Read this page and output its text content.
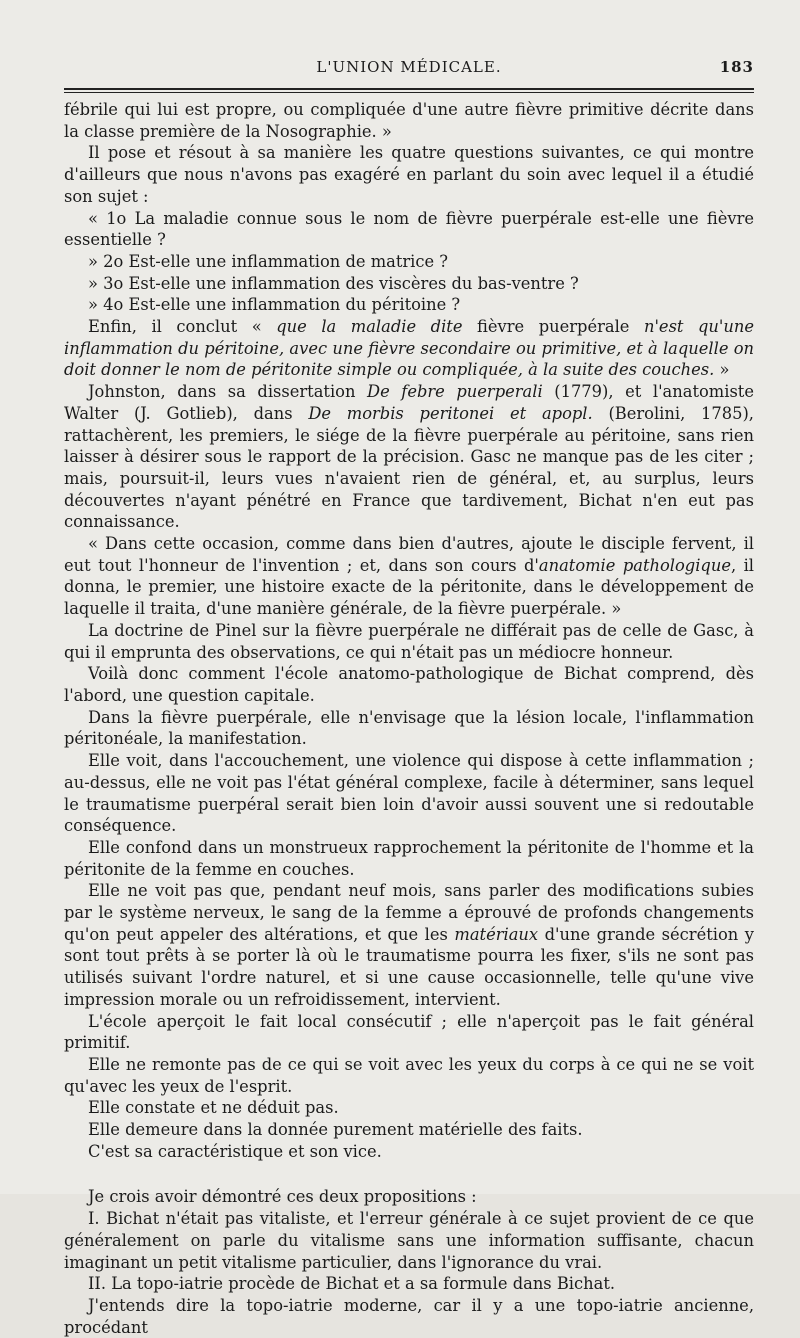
L'UNION MÉDICALE.	183

fébrile qui lui est propre, ou compliquée d'une autre fièvre primitive décrite dans la classe première de la Nosographie. »

Il pose et résout à sa manière les quatre questions suivantes, ce qui montre d'ailleurs que nous n'avons pas exagéré en parlant du soin avec lequel il a étudié son sujet :

« 1o La maladie connue sous le nom de fièvre puerpérale est-elle une fièvre essentielle ?

» 2o Est-elle une inflammation de matrice ?

» 3o Est-elle une inflammation des viscères du bas-ventre ?

» 4o Est-elle une inflammation du péritoine ?

Enfin, il conclut « que la maladie dite fièvre puerpérale n'est qu'une inflammation du péritoine, avec une fièvre secondaire ou primitive, et à laquelle on doit donner le nom de péritonite simple ou compliquée, à la suite des couches. »

Johnston, dans sa dissertation De febre puerperali (1779), et l'anatomiste Walter (J. Gotlieb), dans De morbis peritonei et apopl. (Berolini, 1785), rattachèrent, les premiers, le siége de la fièvre puerpérale au péritoine, sans rien laisser à désirer sous le rapport de la précision. Gasc ne manque pas de les citer ; mais, poursuit-il, leurs vues n'avaient rien de général, et, au surplus, leurs découvertes n'ayant pénétré en France que tardivement, Bichat n'en eut pas connaissance.

« Dans cette occasion, comme dans bien d'autres, ajoute le disciple fervent, il eut tout l'honneur de l'invention ; et, dans son cours d'anatomie pathologique, il donna, le premier, une histoire exacte de la péritonite, dans le développement de laquelle il traita, d'une manière générale, de la fièvre puerpérale. »

La doctrine de Pinel sur la fièvre puerpérale ne différait pas de celle de Gasc, à qui il emprunta des observations, ce qui n'était pas un médiocre honneur.

Voilà donc comment l'école anatomo-pathologique de Bichat comprend, dès l'abord, une question capitale.

Dans la fièvre puerpérale, elle n'envisage que la lésion locale, l'inflammation péritonéale, la manifestation.

Elle voit, dans l'accouchement, une violence qui dispose à cette inflammation ; au-dessus, elle ne voit pas l'état général complexe, facile à déterminer, sans lequel le traumatisme puerpéral serait bien loin d'avoir aussi souvent une si redoutable conséquence.

Elle confond dans un monstrueux rapprochement la péritonite de l'homme et la péritonite de la femme en couches.

Elle ne voit pas que, pendant neuf mois, sans parler des modifications subies par le système nerveux, le sang de la femme a éprouvé de profonds changements qu'on peut appeler des altérations, et que les matériaux d'une grande sécrétion y sont tout prêts à se porter là où le traumatisme pourra les fixer, s'ils ne sont pas utilisés suivant l'ordre naturel, et si une cause occasionnelle, telle qu'une vive impression morale ou un refroidissement, intervient.

L'école aperçoit le fait local consécutif ; elle n'aperçoit pas le fait général primitif.

Elle ne remonte pas de ce qui se voit avec les yeux du corps à ce qui ne se voit qu'avec les yeux de l'esprit.

Elle constate et ne déduit pas.

Elle demeure dans la donnée purement matérielle des faits.

C'est sa caractéristique et son vice.

Je crois avoir démontré ces deux propositions :

I. Bichat n'était pas vitaliste, et l'erreur générale à ce sujet provient de ce que généralement on parle du vitalisme sans une information suffisante, chacun imaginant un petit vitalisme particulier, dans l'ignorance du vrai.

II. La topo-iatrie procède de Bichat et a sa formule dans Bichat.

J'entends dire la topo-iatrie moderne, car il y a une topo-iatrie ancienne, procédant
